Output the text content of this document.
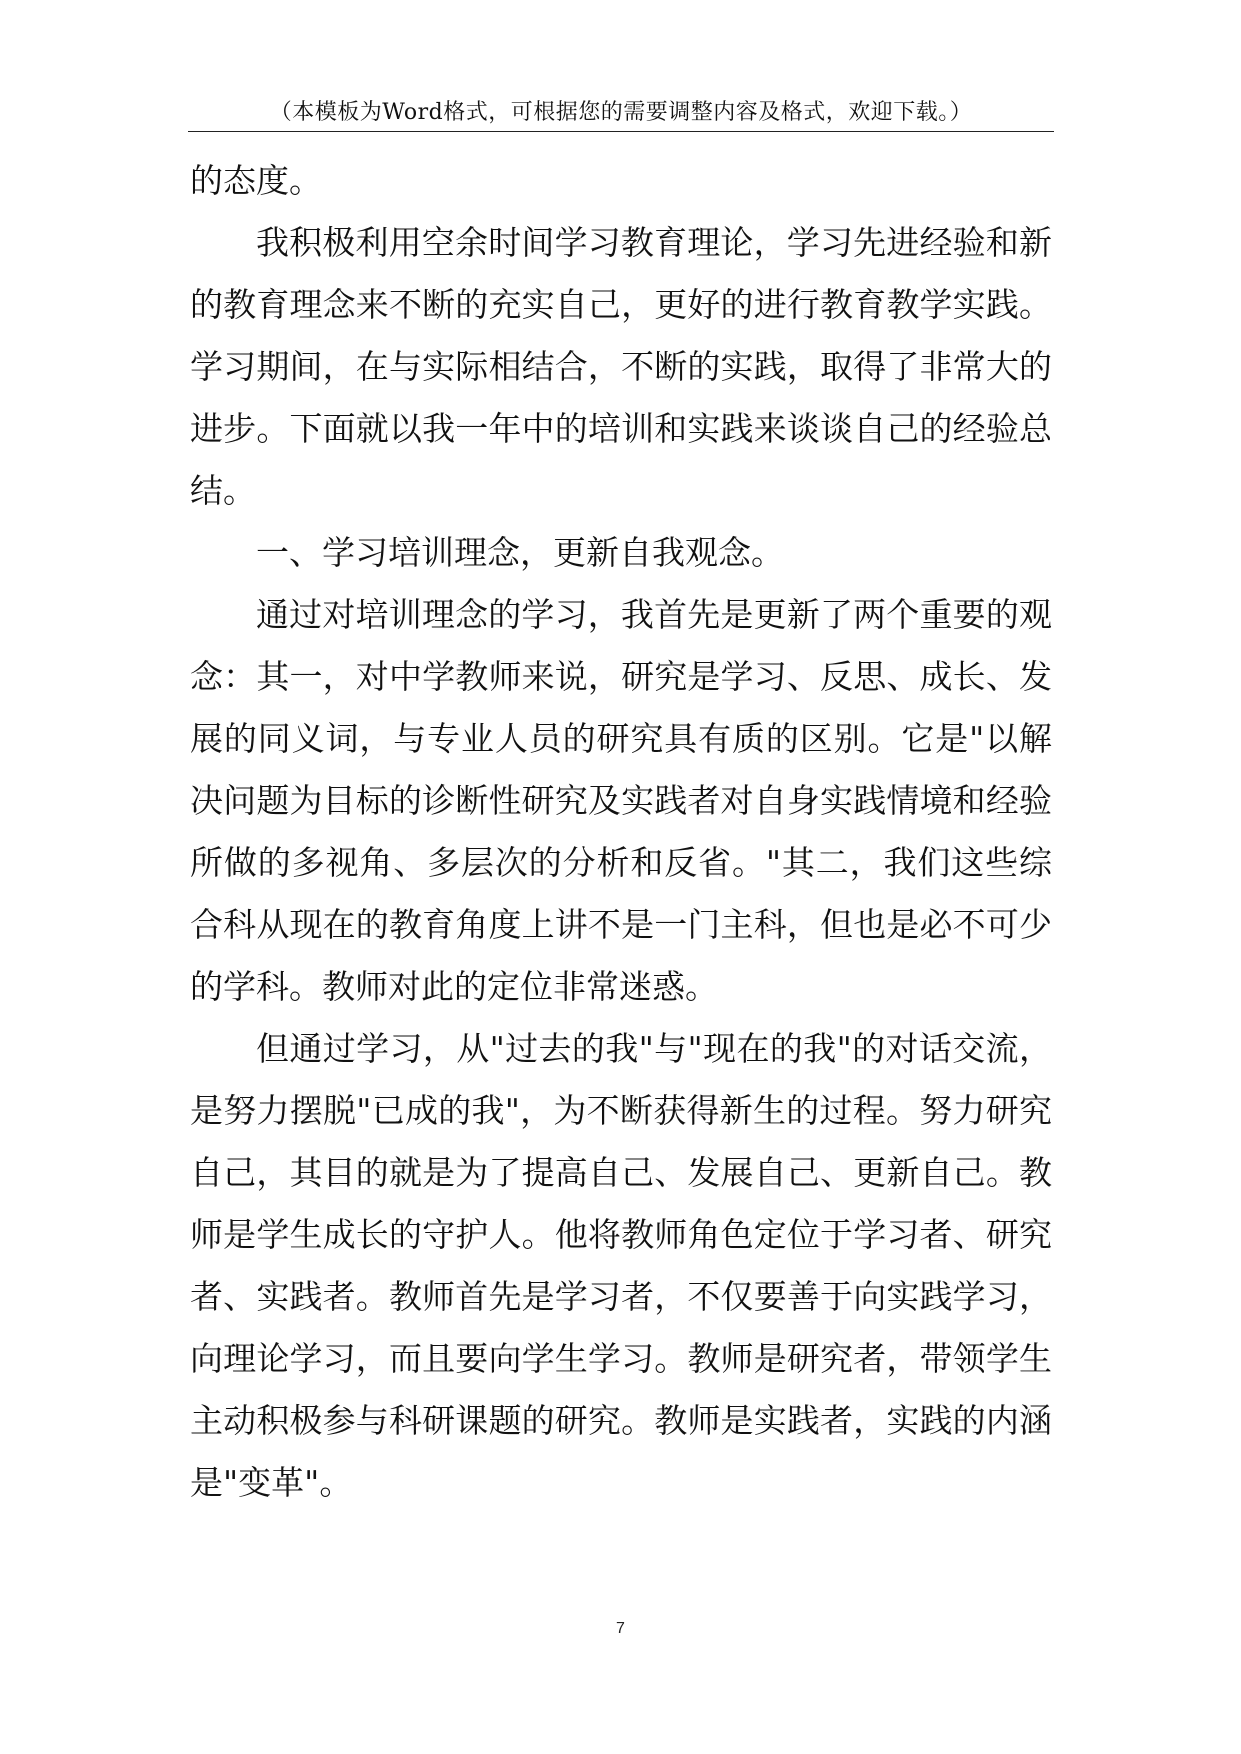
（本模板为Word格式，可根据您的需要调整内容及格式，欢迎下载。）

的态度。

我积极利用空余时间学习教育理论，学习先进经验和新的教育理念来不断的充实自己，更好的进行教育教学实践。学习期间，在与实际相结合，不断的实践，取得了非常大的进步。下面就以我一年中的培训和实践来谈谈自己的经验总结。

一、学习培训理念，更新自我观念。

通过对培训理念的学习，我首先是更新了两个重要的观念：其一，对中学教师来说，研究是学习、反思、成长、发展的同义词，与专业人员的研究具有质的区别。它是"以解决问题为目标的诊断性研究及实践者对自身实践情境和经验所做的多视角、多层次的分析和反省。"其二，我们这些综合科从现在的教育角度上讲不是一门主科，但也是必不可少的学科。教师对此的定位非常迷惑。

但通过学习，从"过去的我"与"现在的我"的对话交流，是努力摆脱"已成的我"，为不断获得新生的过程。努力研究自己，其目的就是为了提高自己、发展自己、更新自己。教师是学生成长的守护人。他将教师角色定位于学习者、研究者、实践者。教师首先是学习者，不仅要善于向实践学习，向理论学习，而且要向学生学习。教师是研究者，带领学生主动积极参与科研课题的研究。教师是实践者，实践的内涵是"变革"。

7
